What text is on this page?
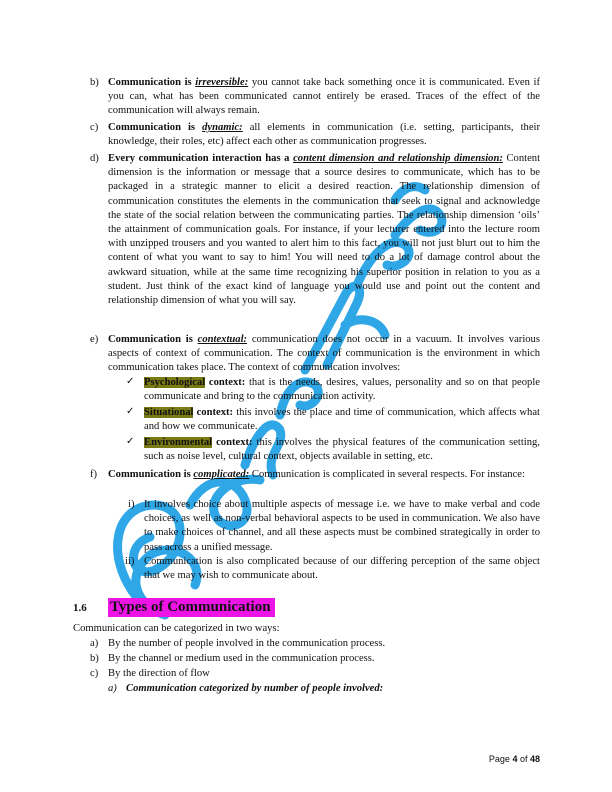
b) Communication is irreversible: you cannot take back something once it is communicated. Even if you can, what has been communicated cannot entirely be erased. Traces of the effect of the communication will always remain.
c) Communication is dynamic: all elements in communication (i.e. setting, participants, their knowledge, their roles, etc) affect each other as communication progresses.
d) Every communication interaction has a content dimension and relationship dimension: Content dimension is the information or message that a source desires to communicate, which has to be packaged in a strategic manner to elicit a desired reaction. The relationship dimension of communication constitutes the elements in the communication that seek to signal and acknowledge the state of the social relation between the communicating parties. The relationship dimension ‘oils’ the attainment of communication goals. For instance, if your lecturer entered into the lecture room with unzipped trousers and you wanted to alert him to this fact, you will not just blurt out to him the content of what you want to say to him! You will need to do a lot of damage control about the awkward situation, while at the same time recognizing his superior position in relation to you as a student. Just think of the exact kind of language you would use and point out the content and relationship dimension of what you will say.
e) Communication is contextual: communication does not occur in a vacuum. It involves various aspects of context of communication. The context of communication is the environment in which communication takes place. The context of communication involves:
✓ Psychological context: that is the needs, desires, values, personality and so on that people communicate and bring to the communication activity.
✓ Situational context: this involves the place and time of communication, which affects what and how we communicate.
✓ Environmental context: this involves the physical features of the communication setting, such as noise level, cultural context, objects available in setting, etc.
f) Communication is complicated: Communication is complicated in several respects. For instance:
i) It involves choice about multiple aspects of message i.e. we have to make verbal and code choices, as well as non-verbal behavioral aspects to be used in communication. We also have to make choices of channel, and all these aspects must be combined strategically in order to pass across a unified message.
ii) Communication is also complicated because of our differing perception of the same object that we may wish to communicate about.
1.6 Types of Communication
Communication can be categorized in two ways:
a) By the number of people involved in the communication process.
b) By the channel or medium used in the communication process.
c) By the direction of flow
a) Communication categorized by number of people involved:
Page 4 of 48
